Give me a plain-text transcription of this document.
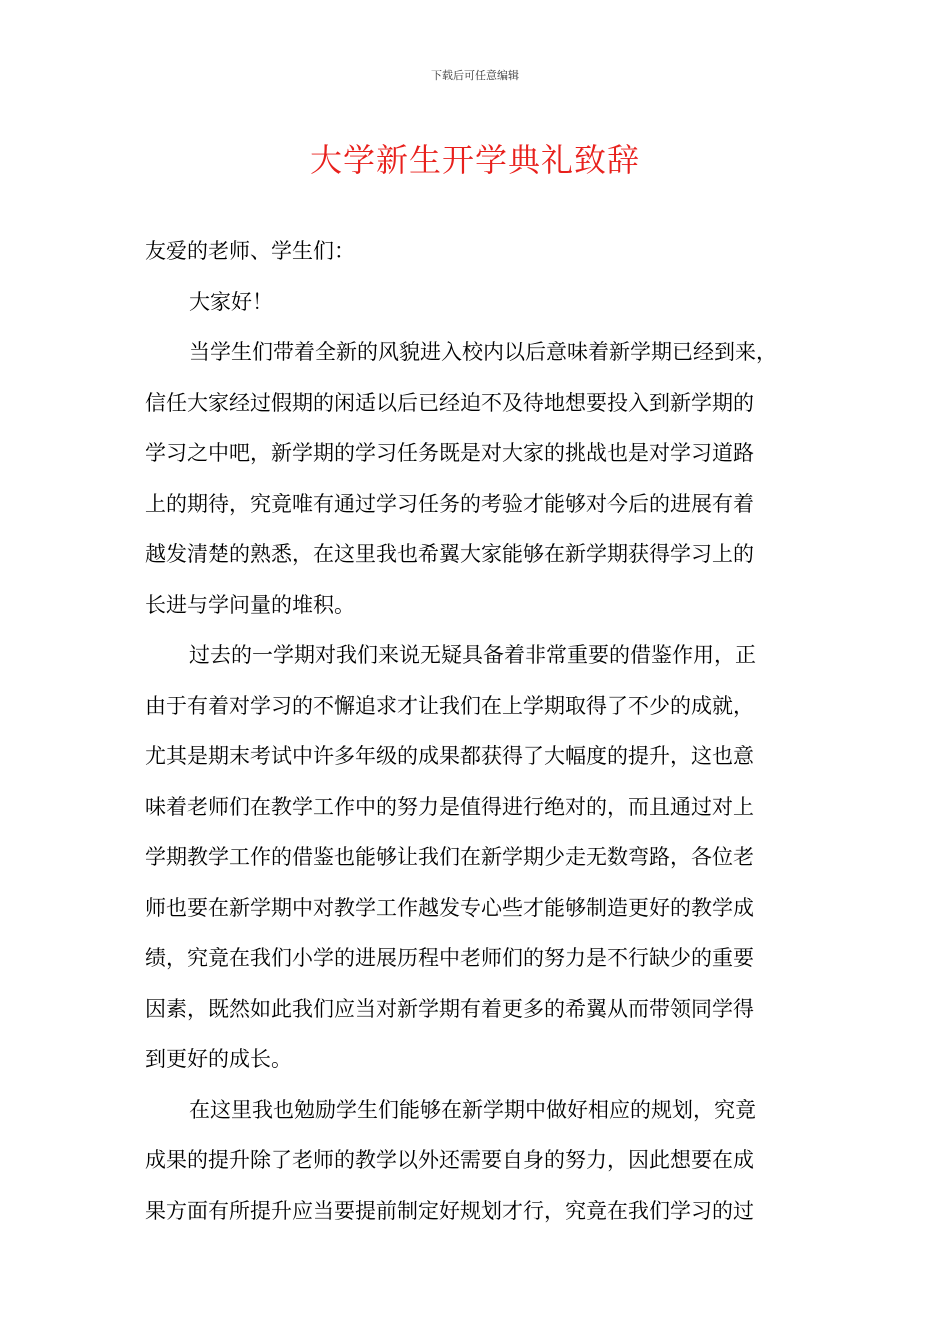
下载后可任意编辑
大学新生开学典礼致辞
友爱的老师、学生们：
大家好！
当学生们带着全新的风貌进入校内以后意味着新学期已经到来，
信任大家经过假期的闲适以后已经迫不及待地想要投入到新学期的
学习之中吧，新学期的学习任务既是对大家的挑战也是对学习道路
上的期待，究竟唯有通过学习任务的考验才能够对今后的进展有着
越发清楚的熟悉，在这里我也希翼大家能够在新学期获得学习上的
长进与学问量的堆积。
过去的一学期对我们来说无疑具备着非常重要的借鉴作用，正
由于有着对学习的不懈追求才让我们在上学期取得了不少的成就，
尤其是期末考试中许多年级的成果都获得了大幅度的提升，这也意
味着老师们在教学工作中的努力是值得进行绝对的，而且通过对上
学期教学工作的借鉴也能够让我们在新学期少走无数弯路，各位老
师也要在新学期中对教学工作越发专心些才能够制造更好的教学成
绩，究竟在我们小学的进展历程中老师们的努力是不行缺少的重要
因素，既然如此我们应当对新学期有着更多的希翼从而带领同学得
到更好的成长。
在这里我也勉励学生们能够在新学期中做好相应的规划，究竟
成果的提升除了老师的教学以外还需要自身的努力，因此想要在成
果方面有所提升应当要提前制定好规划才行，究竟在我们学习的过
